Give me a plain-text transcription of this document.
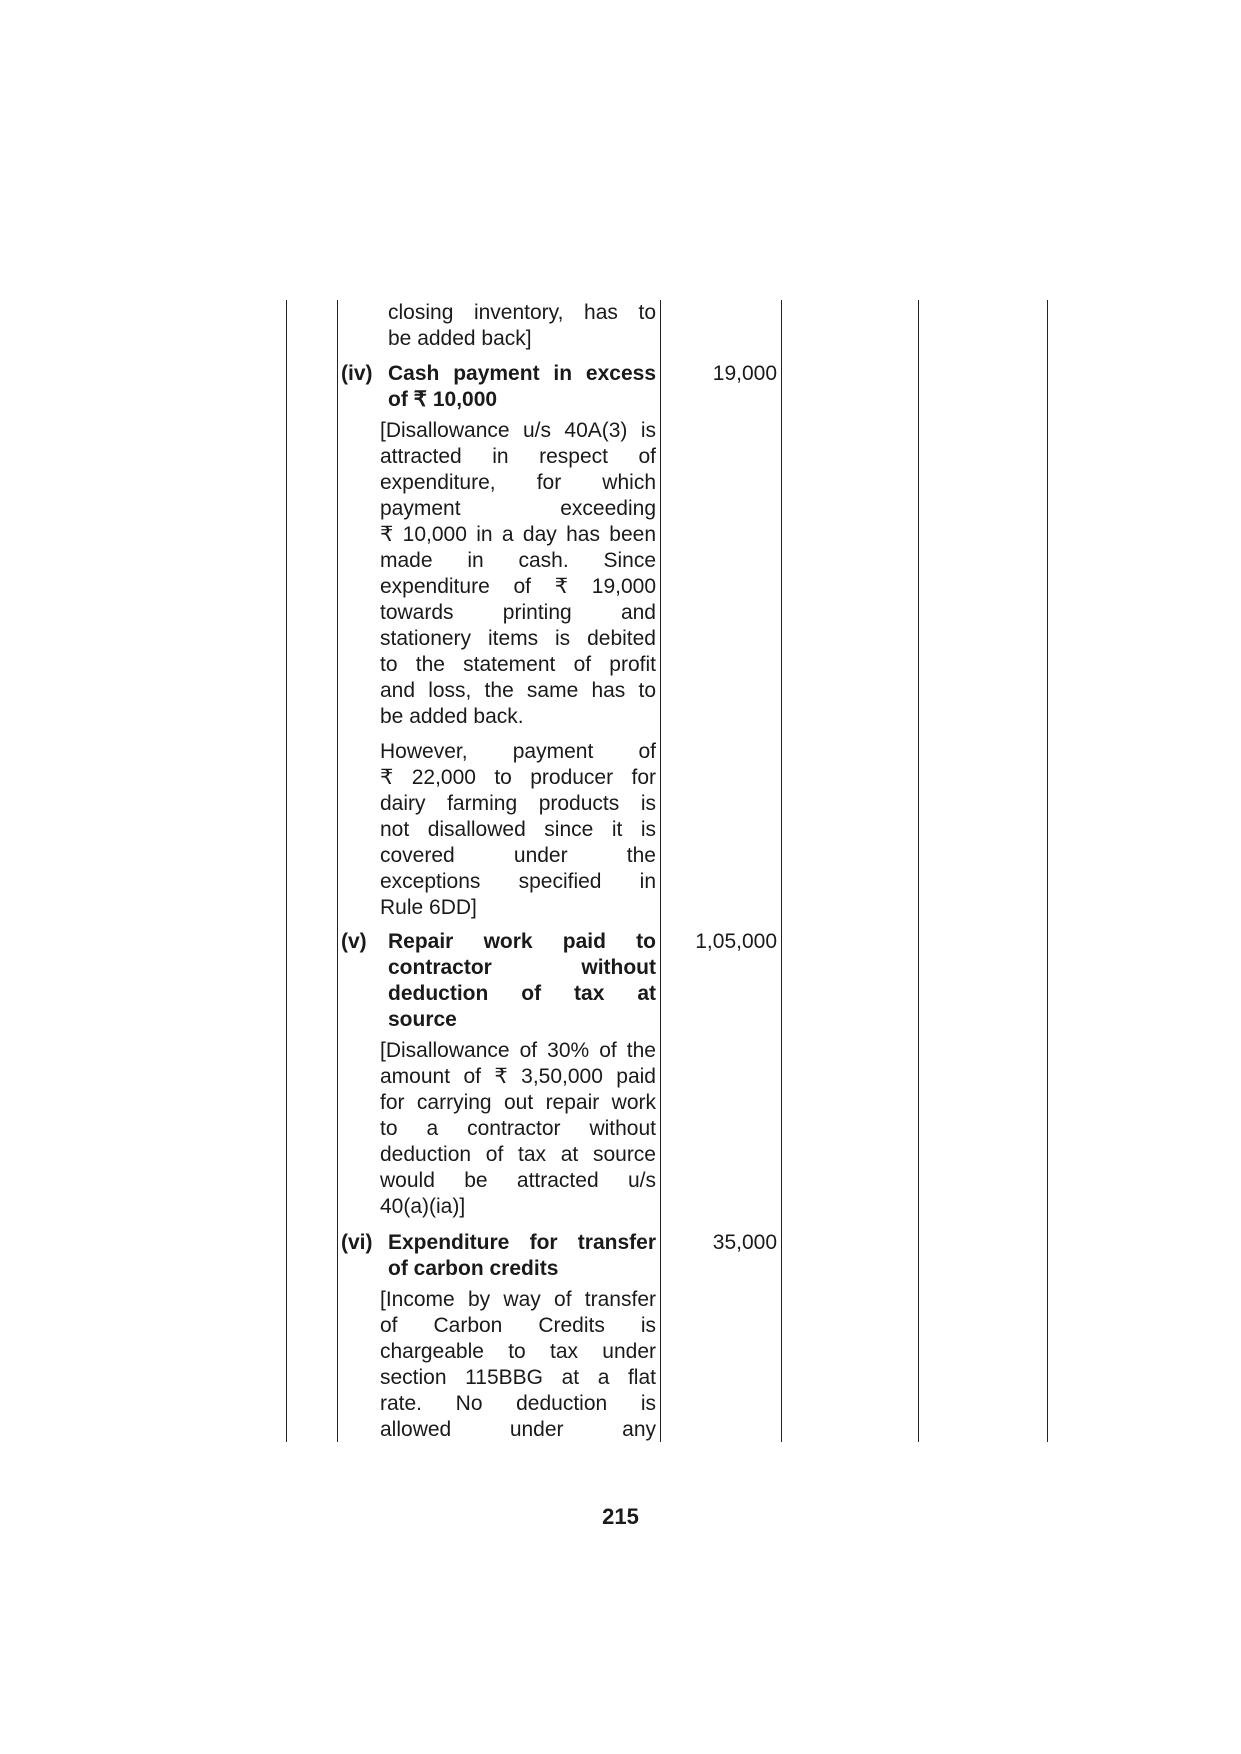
closing inventory, has to
be added back]
(iv) Cash payment in excess
of ₹ 10,000
19,000
[Disallowance u/s 40A(3) is
attracted in respect of
expenditure, for which
payment exceeding
₹ 10,000 in a day has been
made in cash. Since
expenditure of ₹ 19,000
towards printing and
stationery items is debited
to the statement of profit
and loss, the same has to
be added back.
However, payment of
₹ 22,000 to producer for
dairy farming products is
not disallowed since it is
covered under the
exceptions specified in
Rule 6DD]
(v) Repair work paid to
contractor without
deduction of tax at
source
1,05,000
[Disallowance of 30% of the
amount of ₹ 3,50,000 paid
for carrying out repair work
to a contractor without
deduction of tax at source
would be attracted u/s
40(a)(ia)]
(vi) Expenditure for transfer
of carbon credits
35,000
[Income by way of transfer
of Carbon Credits is
chargeable to tax under
section 115BBG at a flat
rate. No deduction is
allowed under any
215
